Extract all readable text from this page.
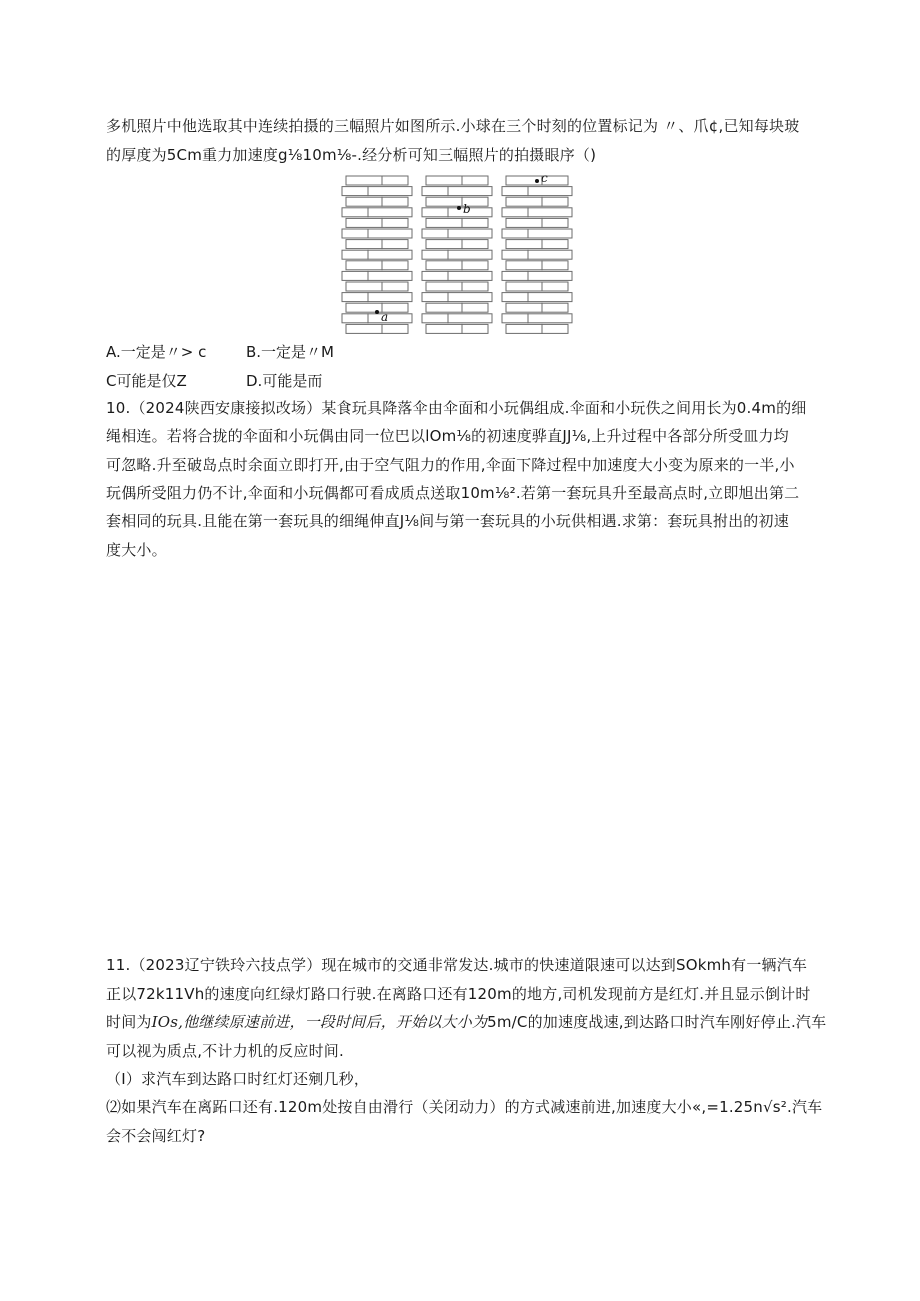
多机照片中他选取其中连续拍摄的三幅照片如图所示.小球在三个时刻的位置标记为 〃、爪¢,已知每块玻
的厚度为5Cm重力加速度g⅛10m⅛-.经分析可知三幅照片的拍摄眼序（)
a
b
c
A.一定是〃> c	B.一定是〃M
C可能是仅Z	D.可能是而
10.（2024陕西安康接拟改场）某食玩具降落伞由伞面和小玩偶组成.伞面和小玩佚之间用长为0.4m的细
绳相连。若将合拢的伞面和小玩偶由同一位巴以lOm⅛的初速度骅直JJ⅛,上升过程中各部分所受皿力均
可忽略.升至破岛点时余面立即打开,由于空气阻力的作用,伞面下降过程中加速度大小变为原来的一半,小
玩偶所受阻力仍不计,伞面和小玩偶都可看成质点送取10m⅛².若第一套玩具升至最高点时,立即旭出第二
套相同的玩具.且能在第一套玩具的细绳伸直J⅛间与第一套玩具的小玩供相遇.求第：套玩具拊出的初速
度大小。
11.（2023辽宁铁玲六技点学）现在城市的交通非常发达.城市的快速道限速可以达到SOkmh有一辆汽车
正以72k11Vh的速度向红绿灯路口行驶.在离路口还有120m的地方,司机发现前方是红灯.并且显示倒计时
时间为IOs,他继续原速前进，一段时间后，开始以大小为5m/C的加速度战速,到达路口时汽车刚好停止.汽车
可以视为质点,不计力机的反应时间.
（I）求汽车到达路口时红灯还剜几秒，
⑵如果汽车在离跖口还有.120m处按自由滑行（关闭动力）的方式减速前进,加速度大小«,=1.25n√s².汽车
会不会闯红灯?
